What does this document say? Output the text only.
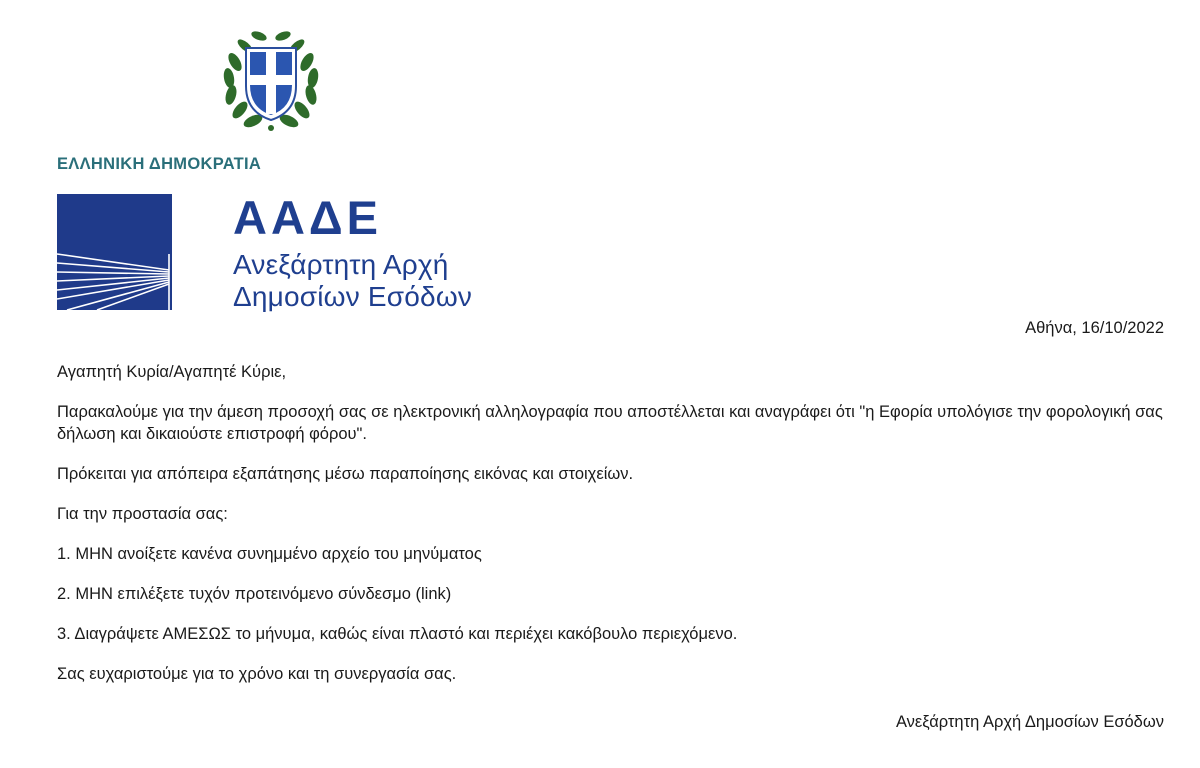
ΕΛΛΗΝΙΚΗ ΔΗΜΟΚΡΑΤΙΑ
ΑΑΔΕ
Ανεξάρτητη Αρχή
Δημοσίων Εσόδων
Αθήνα, 16/10/2022

Αγαπητή Κυρία/Αγαπητέ Κύριε,

Παρακαλούμε για την άμεση προσοχή σας σε ηλεκτρονική αλληλογραφία που αποστέλλεται και αναγράφει ότι "η Εφορία υπολόγισε την φορολογική σας δήλωση και δικαιούστε επιστροφή φόρου".

Πρόκειται για απόπειρα εξαπάτησης μέσω παραποίησης εικόνας και στοιχείων.

Για την προστασία σας:

1. ΜΗΝ ανοίξετε κανένα συνημμένο αρχείο του μηνύματος

2. ΜΗΝ επιλέξετε τυχόν προτεινόμενο σύνδεσμο (link)

3. Διαγράψετε ΑΜΕΣΩΣ το μήνυμα, καθώς είναι πλαστό και περιέχει κακόβουλο περιεχόμενο.

Σας ευχαριστούμε για το χρόνο και τη συνεργασία σας.

Ανεξάρτητη Αρχή Δημοσίων Εσόδων
